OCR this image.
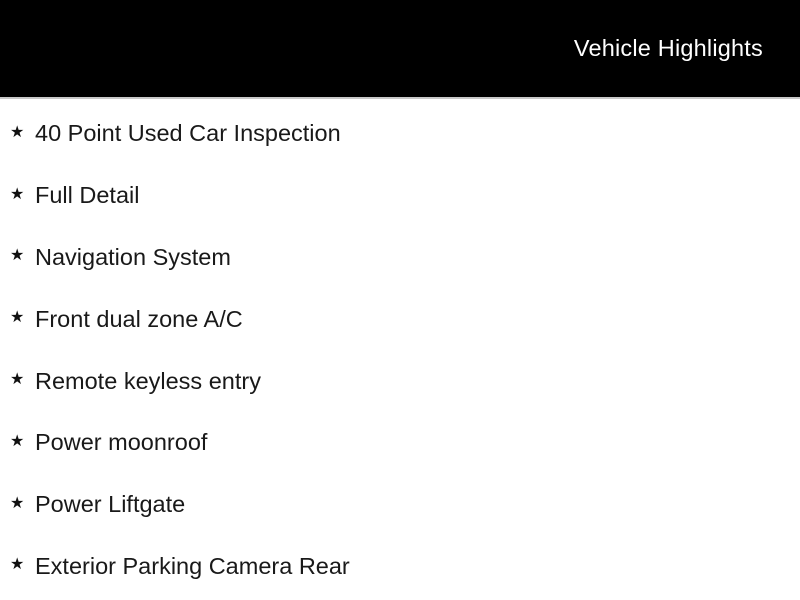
Vehicle Highlights
★ 40 Point Used Car Inspection
★ Full Detail
★ Navigation System
★ Front dual zone A/C
★ Remote keyless entry
★ Power moonroof
★ Power Liftgate
★ Exterior Parking Camera Rear
